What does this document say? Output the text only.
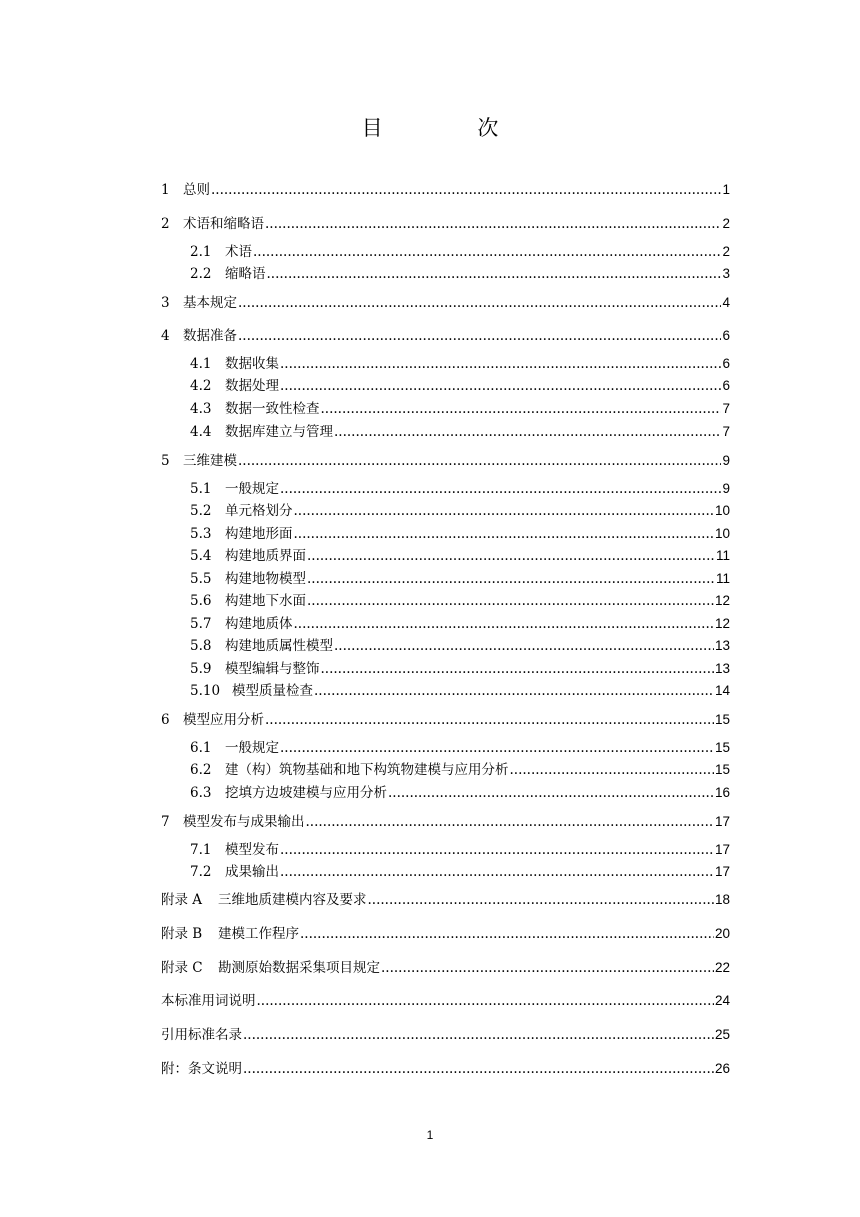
目 次
1 总则 .....	1
2 术语和缩略语 .....	2
2.1	术语 .....	2
2.2	缩略语 .....	3
3 基本规定 .....	4
4 数据准备 .....	6
4.1	数据收集 .....	6
4.2	数据处理 .....	6
4.3	数据一致性检查 .....	7
4.4	数据库建立与管理 .....	7
5 三维建模 .....	9
5.1	一般规定 .....	9
5.2	单元格划分 .....	10
5.3	构建地形面 .....	10
5.4	构建地质界面 .....	11
5.5	构建地物模型 .....	11
5.6	构建地下水面 .....	12
5.7	构建地质体 .....	12
5.8	构建地质属性模型 .....	13
5.9	模型编辑与整饰 .....	13
5.10 模型质量检查 .....	14
6 模型应用分析 .....	15
6.1	一般规定 .....	15
6.2	建（构）筑物基础和地下构筑物建模与应用分析 .....	15
6.3	挖填方边坡建模与应用分析 .....	16
7 模型发布与成果输出 .....	17
7.1	模型发布 .....	17
7.2	成果输出 .....	17
附录 A	三维地质建模内容及要求 .....	18
附录 B	建模工作程序 .....	20
附录 C	勘测原始数据采集项目规定 .....	22
本标准用词说明 .....	24
引用标准名录 .....	25
附：条文说明 .....	26
1
